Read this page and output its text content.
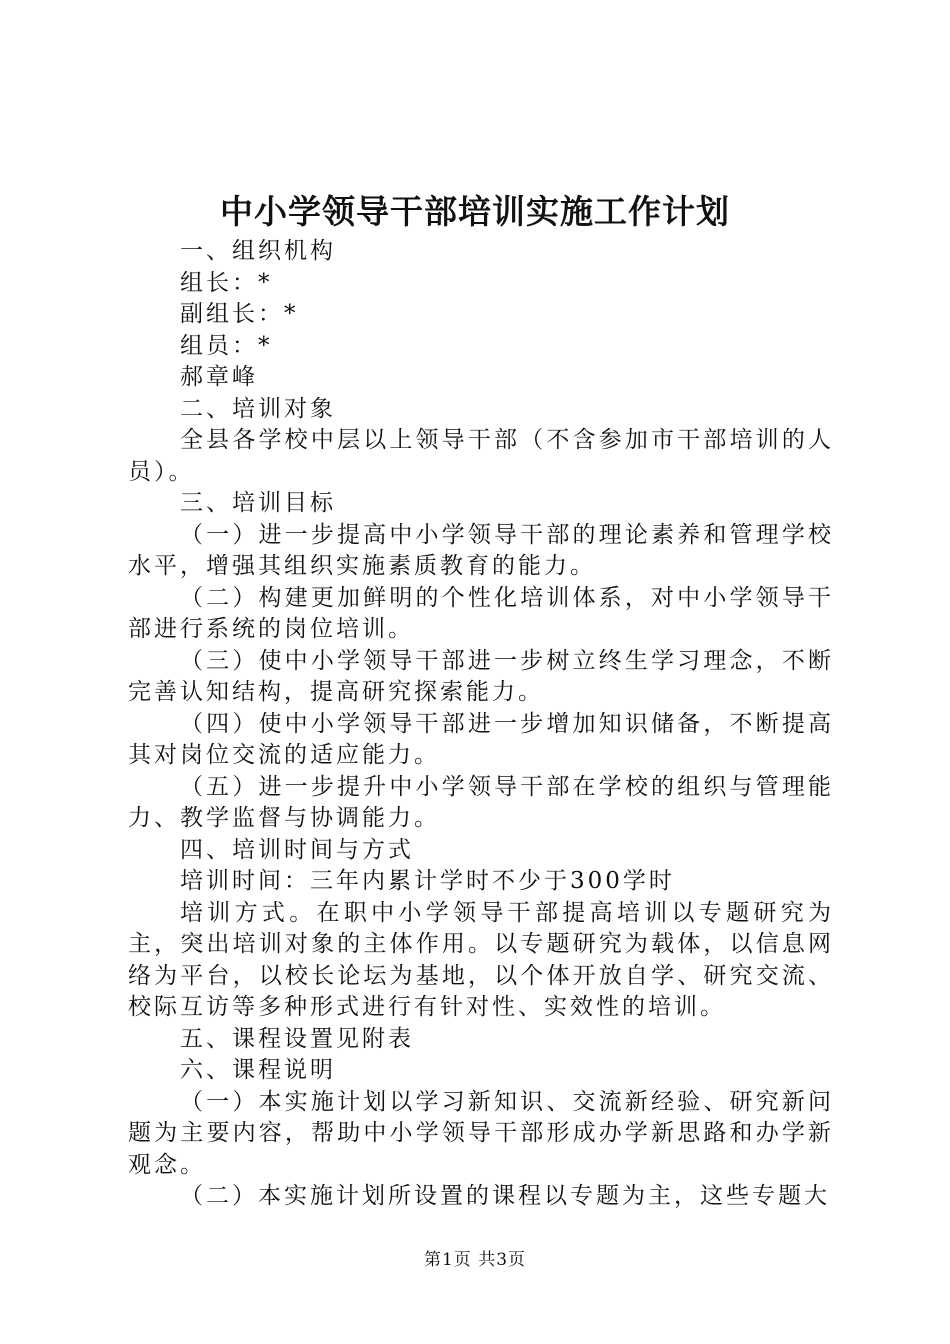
中小学领导干部培训实施工作计划

一、组织机构

组长：*

副组长：*

组员：*

郝章峰

二、培训对象

全县各学校中层以上领导干部（不含参加市干部培训的人员）。

三、培训目标

（一）进一步提高中小学领导干部的理论素养和管理学校水平，增强其组织实施素质教育的能力。

（二）构建更加鲜明的个性化培训体系，对中小学领导干部进行系统的岗位培训。

（三）使中小学领导干部进一步树立终生学习理念，不断完善认知结构，提高研究探索能力。

（四）使中小学领导干部进一步增加知识储备，不断提高其对岗位交流的适应能力。

（五）进一步提升中小学领导干部在学校的组织与管理能力、教学监督与协调能力。

四、培训时间与方式

培训时间：三年内累计学时不少于300学时

培训方式。在职中小学领导干部提高培训以专题研究为主，突出培训对象的主体作用。以专题研究为载体，以信息网络为平台，以校长论坛为基地，以个体开放自学、研究交流、校际互访等多种形式进行有针对性、实效性的培训。

五、课程设置见附表

六、课程说明

（一）本实施计划以学习新知识、交流新经验、研究新问题为主要内容，帮助中小学领导干部形成办学新思路和办学新观念。

（二）本实施计划所设置的课程以专题为主，这些专题大

第1页 共3页
